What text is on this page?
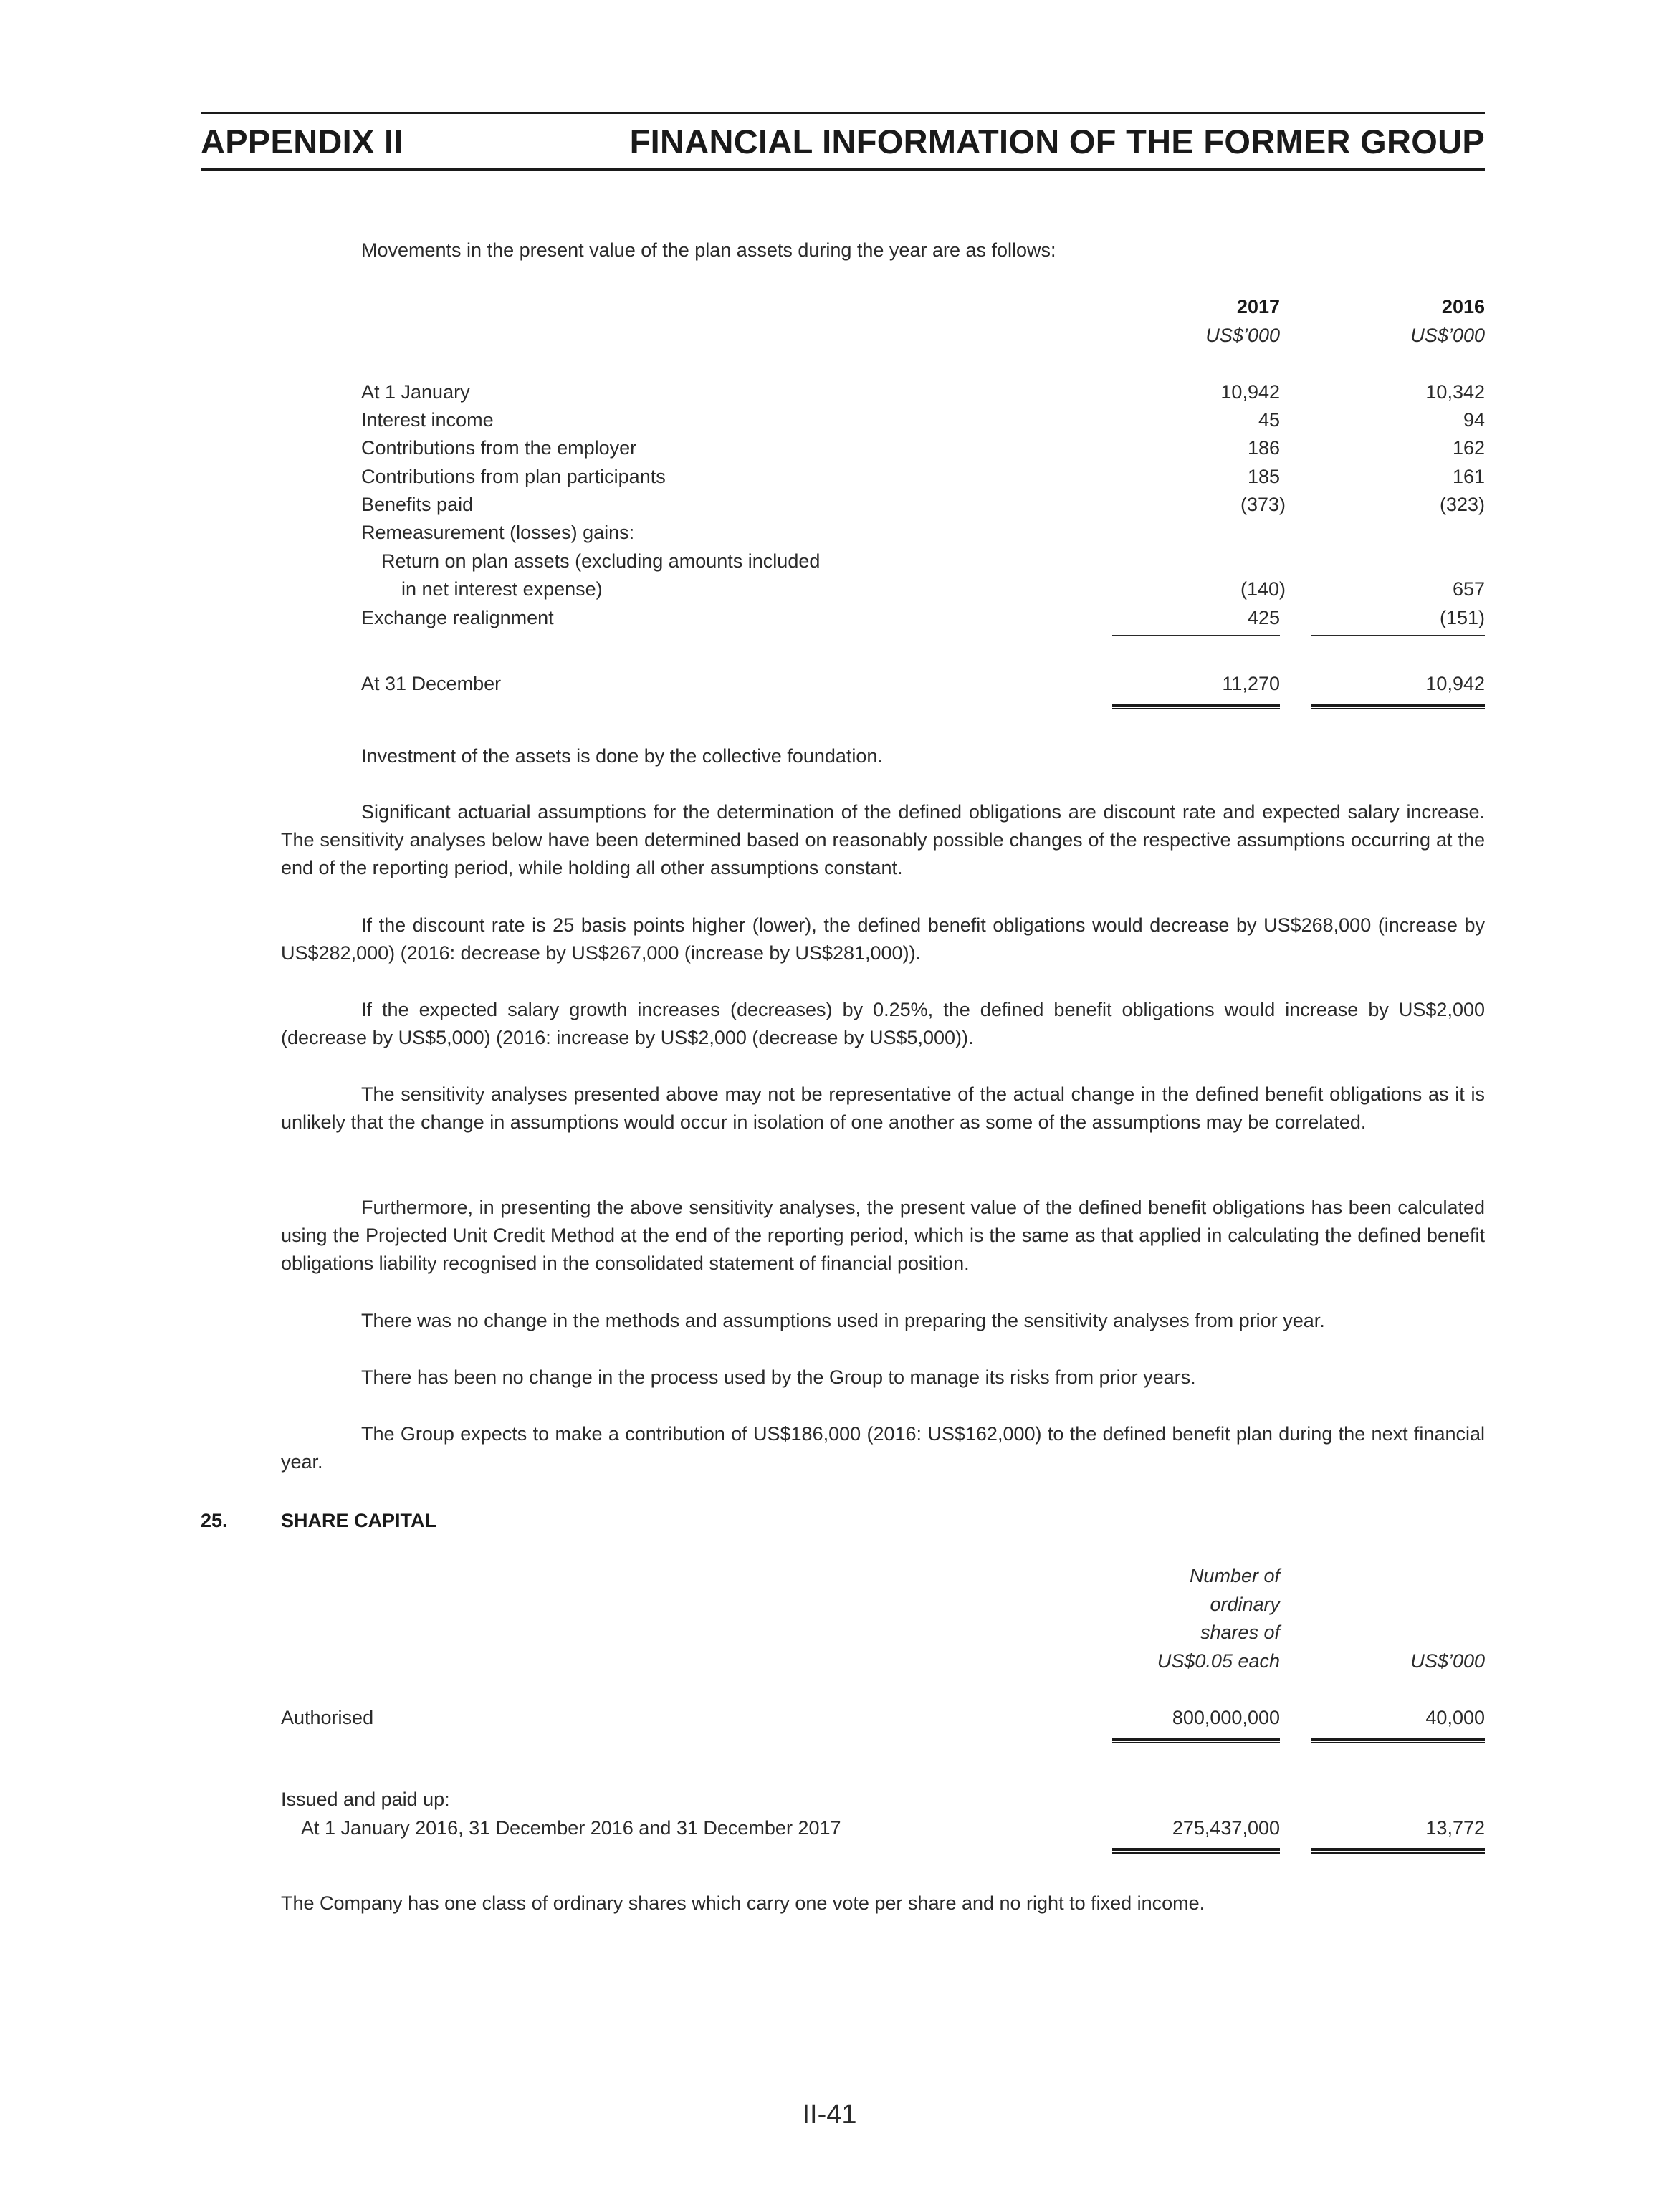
APPENDIX II	FINANCIAL INFORMATION OF THE FORMER GROUP
Movements in the present value of the plan assets during the year are as follows:
2017	2016
US$’000	US$’000
At 1 January	10,942	10,342
Interest income	45	94
Contributions from the employer	186	162
Contributions from plan participants	185	161
Benefits paid	(373)	(323)
Remeasurement (losses) gains:
Return on plan assets (excluding amounts included
in net interest expense)	(140)	657
Exchange realignment	425	(151)
At 31 December	11,270	10,942
Investment of the assets is done by the collective foundation.
Significant actuarial assumptions for the determination of the defined obligations are discount rate and expected salary increase. The sensitivity analyses below have been determined based on reasonably possible changes of the respective assumptions occurring at the end of the reporting period, while holding all other assumptions constant.
If the discount rate is 25 basis points higher (lower), the defined benefit obligations would decrease by US$268,000 (increase by US$282,000) (2016: decrease by US$267,000 (increase by US$281,000)).
If the expected salary growth increases (decreases) by 0.25%, the defined benefit obligations would increase by US$2,000 (decrease by US$5,000) (2016: increase by US$2,000 (decrease by US$5,000)).
The sensitivity analyses presented above may not be representative of the actual change in the defined benefit obligations as it is unlikely that the change in assumptions would occur in isolation of one another as some of the assumptions may be correlated.
Furthermore, in presenting the above sensitivity analyses, the present value of the defined benefit obligations has been calculated using the Projected Unit Credit Method at the end of the reporting period, which is the same as that applied in calculating the defined benefit obligations liability recognised in the consolidated statement of financial position.
There was no change in the methods and assumptions used in preparing the sensitivity analyses from prior year.
There has been no change in the process used by the Group to manage its risks from prior years.
The Group expects to make a contribution of US$186,000 (2016: US$162,000) to the defined benefit plan during the next financial year.
25.	SHARE CAPITAL
Number of
ordinary
shares of
US$0.05 each	US$’000
Authorised	800,000,000	40,000
Issued and paid up:
At 1 January 2016, 31 December 2016 and 31 December 2017	275,437,000	13,772
The Company has one class of ordinary shares which carry one vote per share and no right to fixed income.
II-41
